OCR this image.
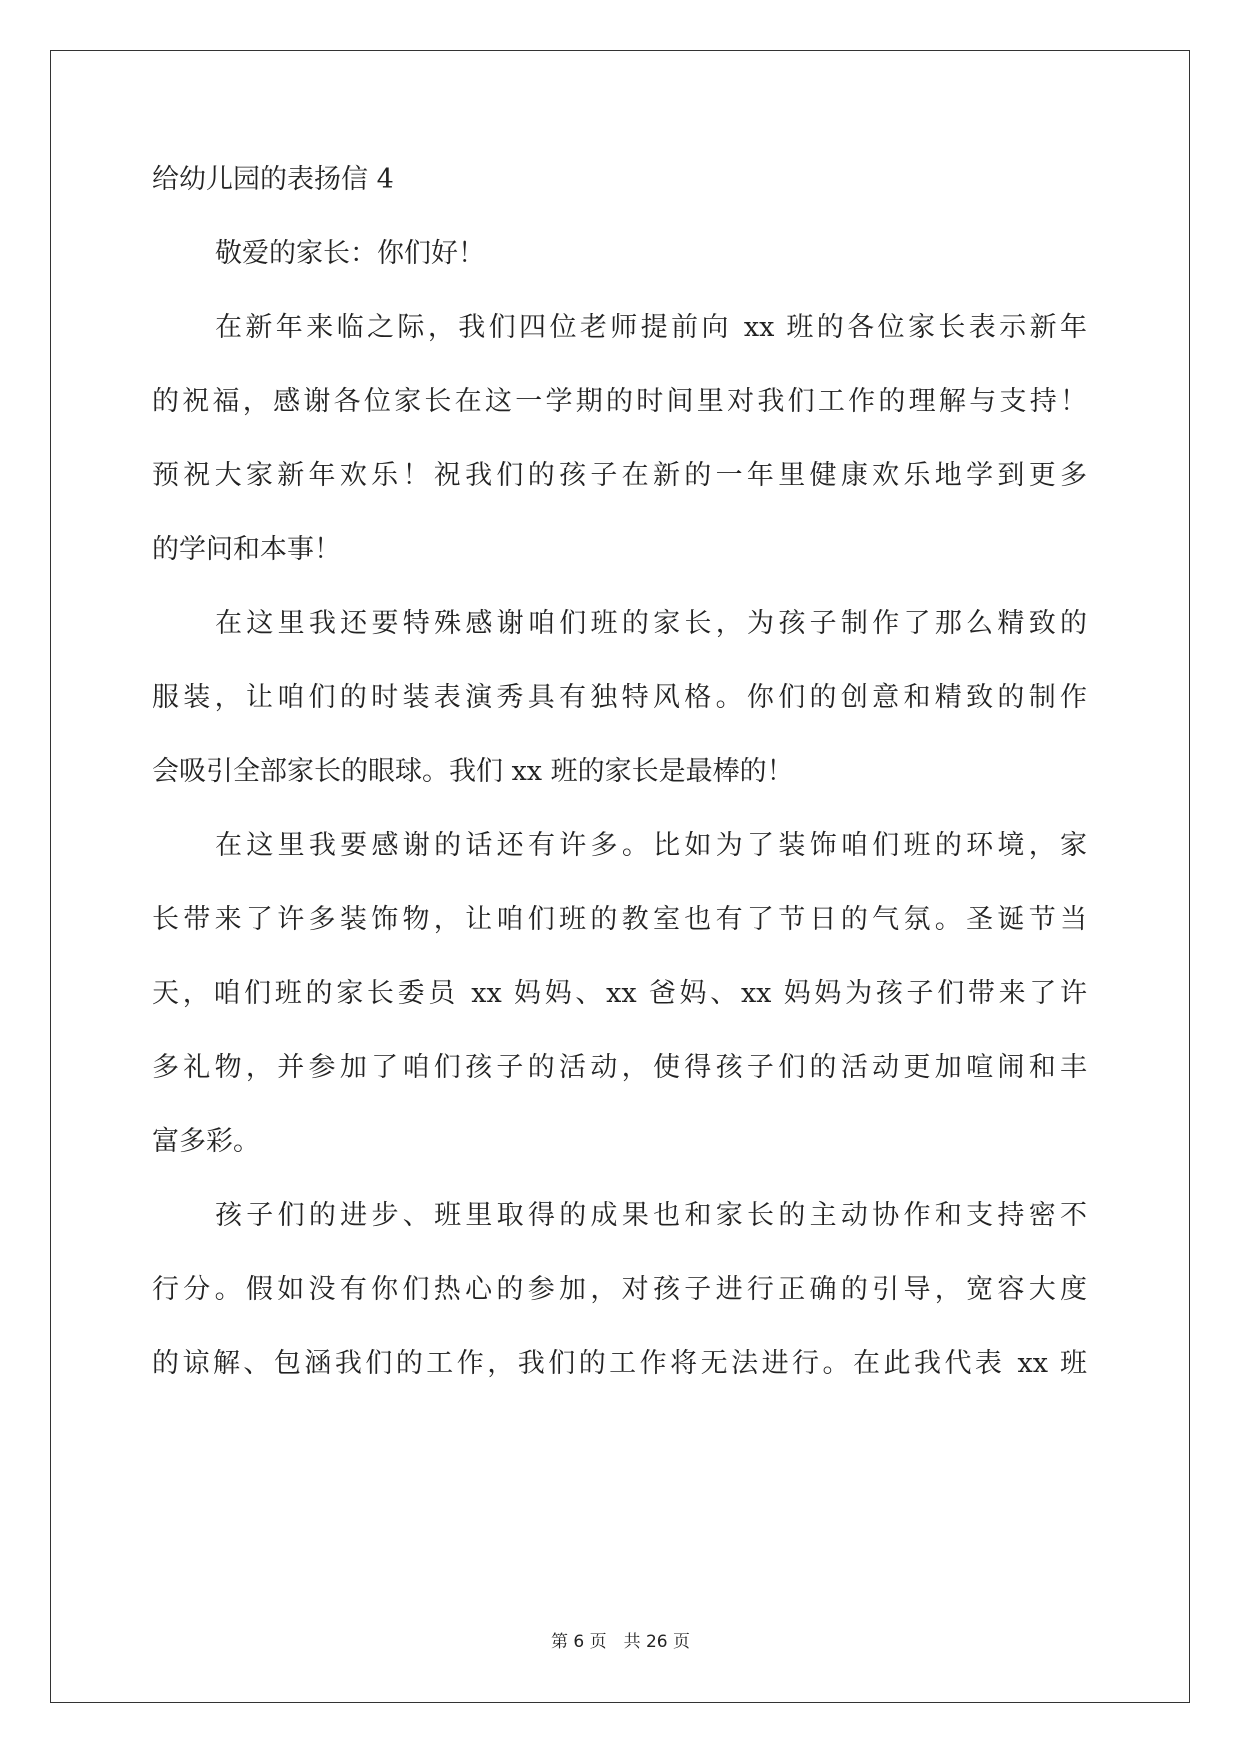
给幼儿园的表扬信 4
敬爱的家长：你们好！
在新年来临之际，我们四位老师提前向 xx 班的各位家长表示新年
的祝福，感谢各位家长在这一学期的时间里对我们工作的理解与支持！
预祝大家新年欢乐！祝我们的孩子在新的一年里健康欢乐地学到更多
的学问和本事！
在这里我还要特殊感谢咱们班的家长，为孩子制作了那么精致的
服装，让咱们的时装表演秀具有独特风格。你们的创意和精致的制作
会吸引全部家长的眼球。我们 xx 班的家长是最棒的！
在这里我要感谢的话还有许多。比如为了装饰咱们班的环境，家
长带来了许多装饰物，让咱们班的教室也有了节日的气氛。圣诞节当
天，咱们班的家长委员 xx 妈妈、xx 爸妈、xx 妈妈为孩子们带来了许
多礼物，并参加了咱们孩子的活动，使得孩子们的活动更加喧闹和丰
富多彩。
孩子们的进步、班里取得的成果也和家长的主动协作和支持密不
行分。假如没有你们热心的参加，对孩子进行正确的引导，宽容大度
的谅解、包涵我们的工作，我们的工作将无法进行。在此我代表 xx 班
第 6 页　共 26 页
